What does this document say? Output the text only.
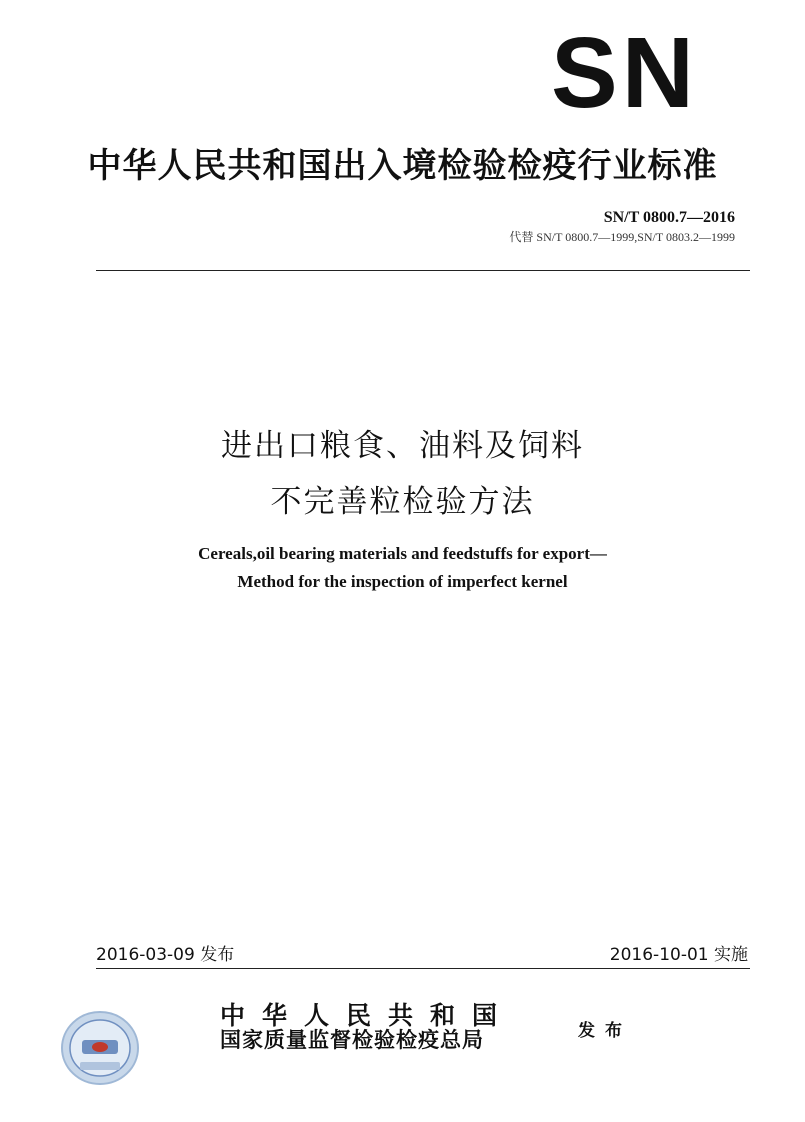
SN
中华人民共和国出入境检验检疫行业标准
SN/T 0800.7—2016
代替 SN/T 0800.7—1999,SN/T 0803.2—1999
进出口粮食、油料及饲料
不完善粒检验方法
Cereals,oil bearing materials and feedstuffs for export—
Method for the inspection of imperfect kernel
2016-03-09 发布	2016-10-01 实施
中华人民共和国
国家质量监督检验检疫总局	发布
